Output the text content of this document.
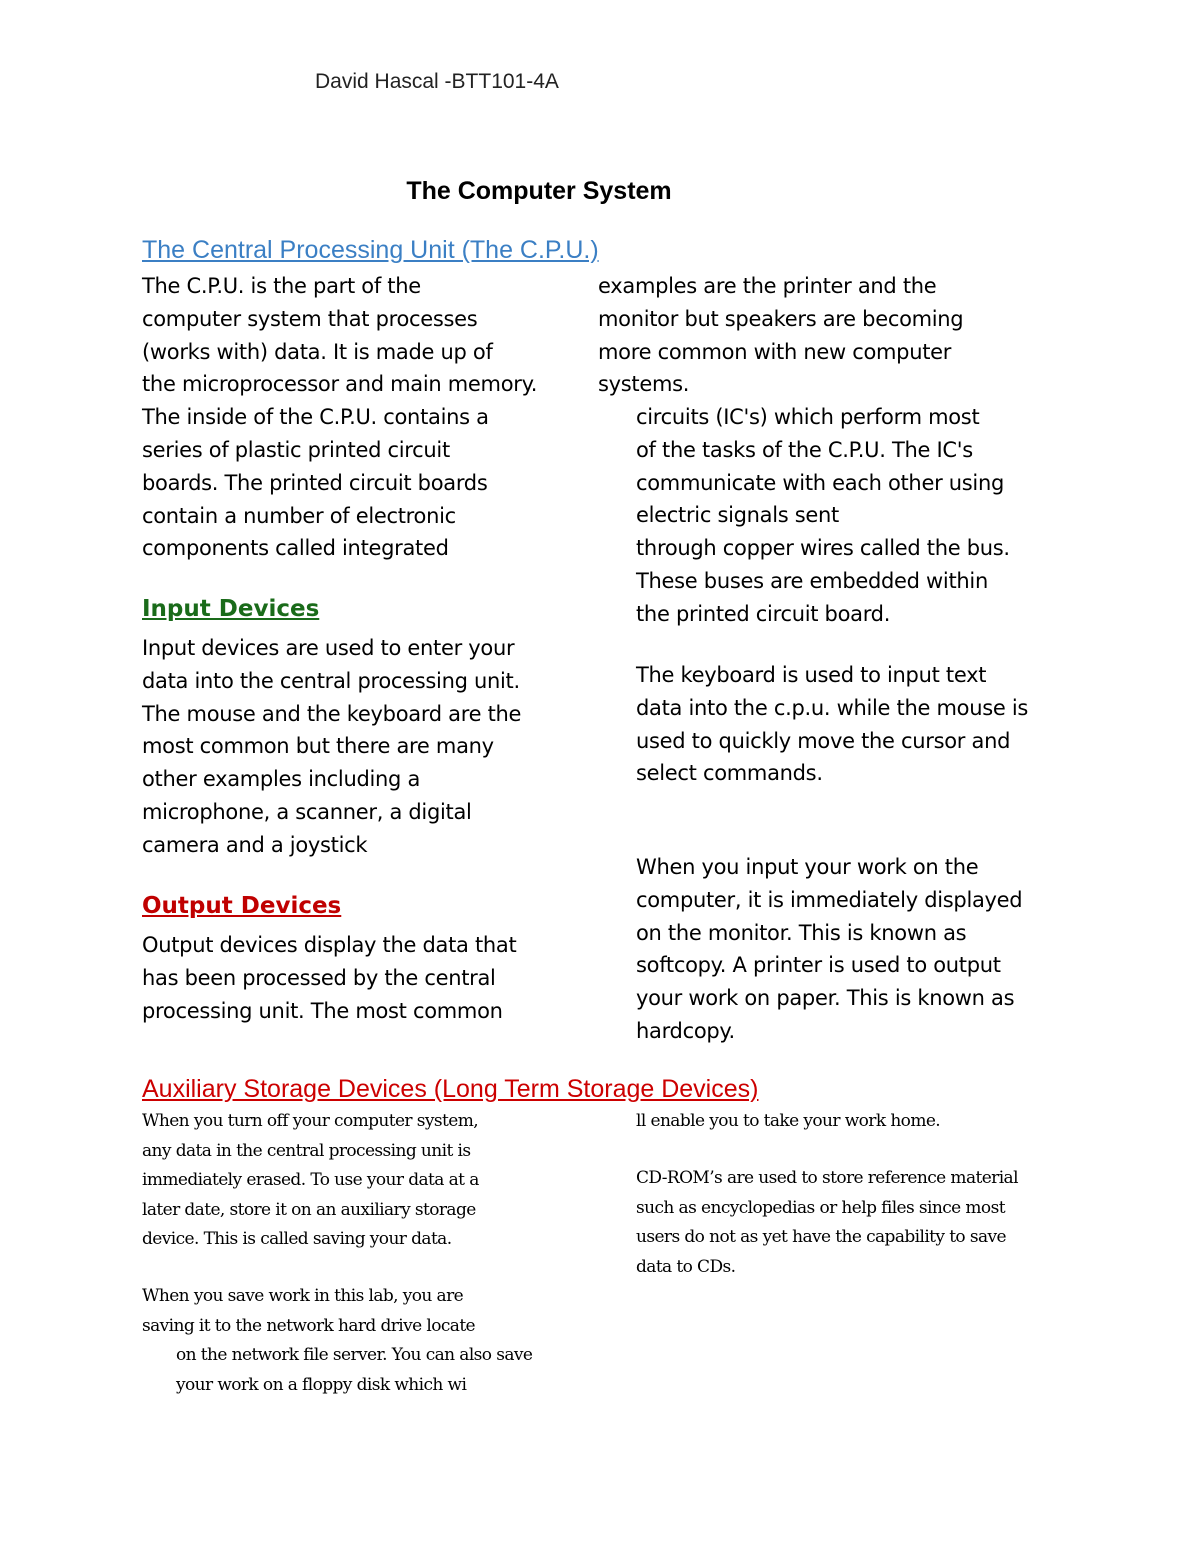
David Hascal -BTT101-4A
The Computer System
The Central Processing Unit (The C.P.U.)
The C.P.U. is the part of the
computer system that processes
(works with) data. It is made up of
the microprocessor and main memory.
The inside of the C.P.U. contains a
series of plastic printed circuit
boards. The printed circuit boards
contain a number of electronic
components called integrated
examples are the printer and the
monitor but speakers are becoming
more common with new computer
systems.
circuits (IC's) which perform most
of the tasks of the C.P.U. The IC's
communicate with each other using
electric signals sent
through copper wires called the bus.
These buses are embedded within
the printed circuit board.
Input Devices
Input devices are used to enter your
data into the central processing unit.
The mouse and the keyboard are the
most common but there are many
other examples including a
microphone, a scanner, a digital
camera and a joystick
The keyboard is used to input text
data into the c.p.u. while the mouse is
used to quickly move the cursor and
select commands.
When you input your work on the
computer, it is immediately displayed
on the monitor. This is known as
softcopy. A printer is used to output
your work on paper. This is known as
hardcopy.
Output Devices
Output devices display the data that
has been processed by the central
processing unit. The most common
Auxiliary Storage Devices (Long Term Storage Devices)
When you turn off your computer system,
any data in the central processing unit is
immediately erased. To use your data at a
later date, store it on an auxiliary storage
device. This is called saving your data.
When you save work in this lab, you are
saving it to the network hard drive locate
on the network file server. You can also save
your work on a floppy disk which wi
ll enable you to take your work home.
CD-ROM’s are used to store reference material
such as encyclopedias or help files since most
users do not as yet have the capability to save
data to CDs.
